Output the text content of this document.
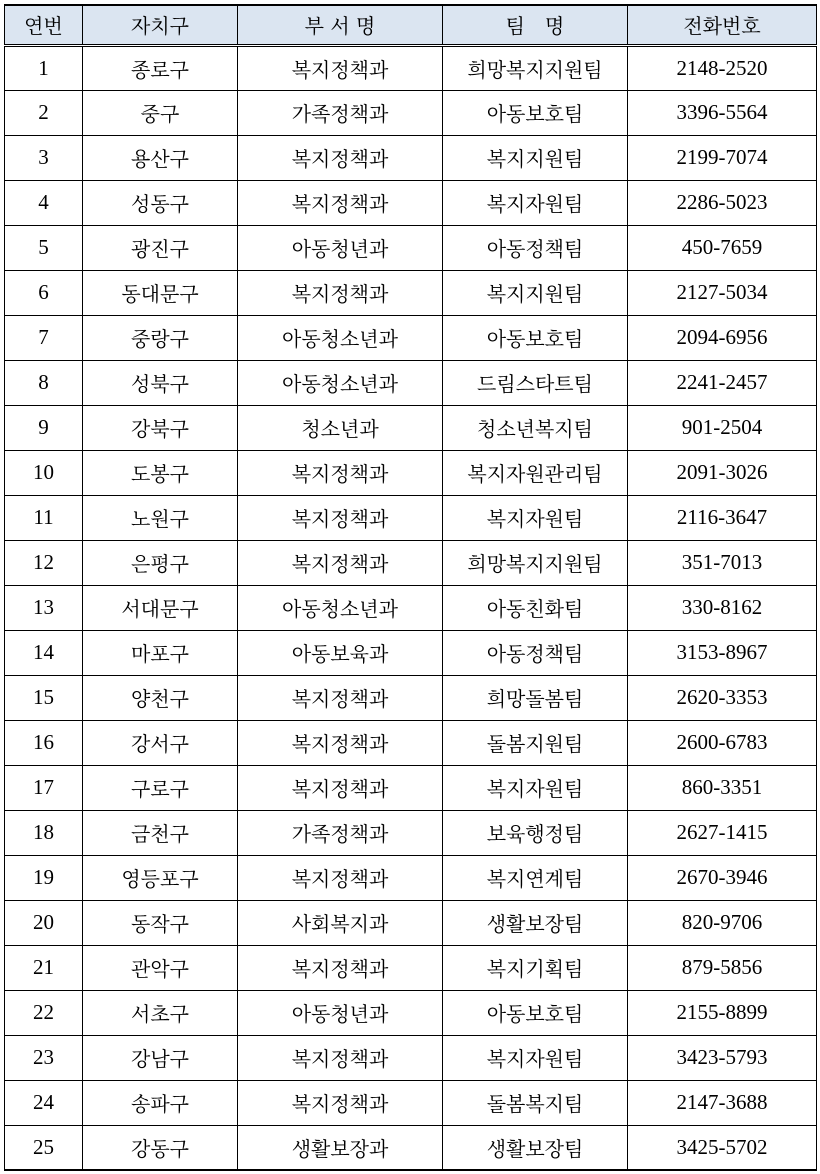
연번	자치구	부 서 명	팀　명	전화번호
1	종로구	복지정책과	희망복지지원팀	2148-2520
2	중구	가족정책과	아동보호팀	3396-5564
3	용산구	복지정책과	복지지원팀	2199-7074
4	성동구	복지정책과	복지자원팀	2286-5023
5	광진구	아동청년과	아동정책팀	450-7659
6	동대문구	복지정책과	복지지원팀	2127-5034
7	중랑구	아동청소년과	아동보호팀	2094-6956
8	성북구	아동청소년과	드림스타트팀	2241-2457
9	강북구	청소년과	청소년복지팀	901-2504
10	도봉구	복지정책과	복지자원관리팀	2091-3026
11	노원구	복지정책과	복지자원팀	2116-3647
12	은평구	복지정책과	희망복지지원팀	351-7013
13	서대문구	아동청소년과	아동친화팀	330-8162
14	마포구	아동보육과	아동정책팀	3153-8967
15	양천구	복지정책과	희망돌봄팀	2620-3353
16	강서구	복지정책과	돌봄지원팀	2600-6783
17	구로구	복지정책과	복지자원팀	860-3351
18	금천구	가족정책과	보육행정팀	2627-1415
19	영등포구	복지정책과	복지연계팀	2670-3946
20	동작구	사회복지과	생활보장팀	820-9706
21	관악구	복지정책과	복지기획팀	879-5856
22	서초구	아동청년과	아동보호팀	2155-8899
23	강남구	복지정책과	복지자원팀	3423-5793
24	송파구	복지정책과	돌봄복지팀	2147-3688
25	강동구	생활보장과	생활보장팀	3425-5702
